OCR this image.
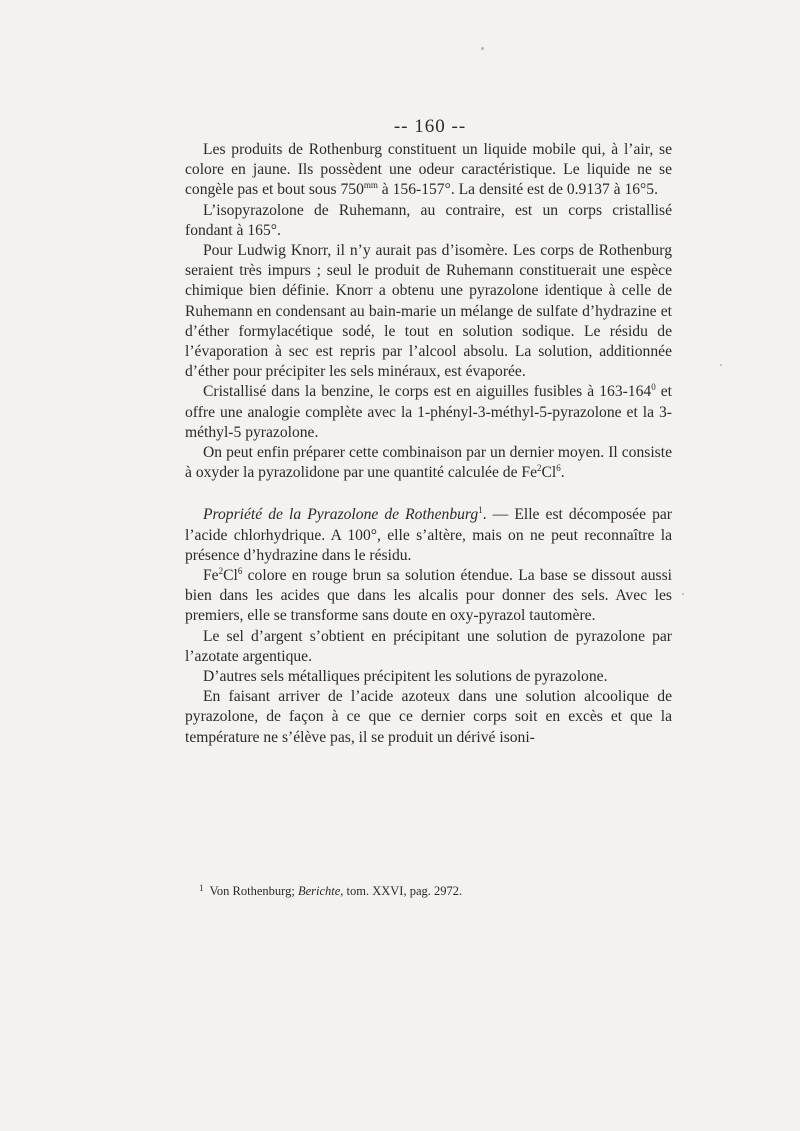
-- 160 --

Les produits de Rothenburg constituent un liquide mobile qui, à l’air, se colore en jaune. Ils possèdent une odeur caractéristique. Le liquide ne se congèle pas et bout sous $750^{mm}$ à 156-157°. La densité est de 0.9137 à 16°5.

L’isopyrazolone de Ruhemann, au contraire, est un corps cristallisé fondant à 165°.

Pour Ludwig Knorr, il n’y aurait pas d’isomère. Les corps de Rothenburg seraient très impurs ; seul le produit de Ruhemann constituerait une espèce chimique bien définie. Knorr a obtenu une pyrazolone identique à celle de Ruhemann en condensant au bain-marie un mélange de sulfate d’hydrazine et d’éther formylacétique sodé, le tout en solution sodique. Le résidu de l’évaporation à sec est repris par l’alcool absolu. La solution, additionnée d’éther pour précipiter les sels minéraux, est évaporée.

Cristallisé dans la benzine, le corps est en aiguilles fusibles à $163-164^0$ et offre une analogie complète avec la 1-phényl-3-méthyl-5-pyrazolone et la 3-méthyl-5 pyrazolone.

On peut enfin préparer cette combinaison par un dernier moyen. Il consiste à oxyder la pyrazolidone par une quantité calculée de Fe$^2$Cl$^6$.

Propriété de la Pyrazolone de Rothenburg$^1$. — Elle est décomposée par l’acide chlorhydrique. A 100°, elle s’altère, mais on ne peut reconnaître la présence d’hydrazine dans le résidu.

Fe$^2$Cl$^6$ colore en rouge brun sa solution étendue. La base se dissout aussi bien dans les acides que dans les alcalis pour donner des sels. Avec les premiers, elle se transforme sans doute en oxy-pyrazol tautomère.

Le sel d’argent s’obtient en précipitant une solution de pyrazolone par l’azotate argentique.

D’autres sels métalliques précipitent les solutions de pyrazolone.

En faisant arriver de l’acide azoteux dans une solution alcoolique de pyrazolone, de façon à ce que ce dernier corps soit en excès et que la température ne s’élève pas, il se produit un dérivé isoni-

$^1$ Von Rothenburg; Berichte, tom. XXVI, pag. 2972.
